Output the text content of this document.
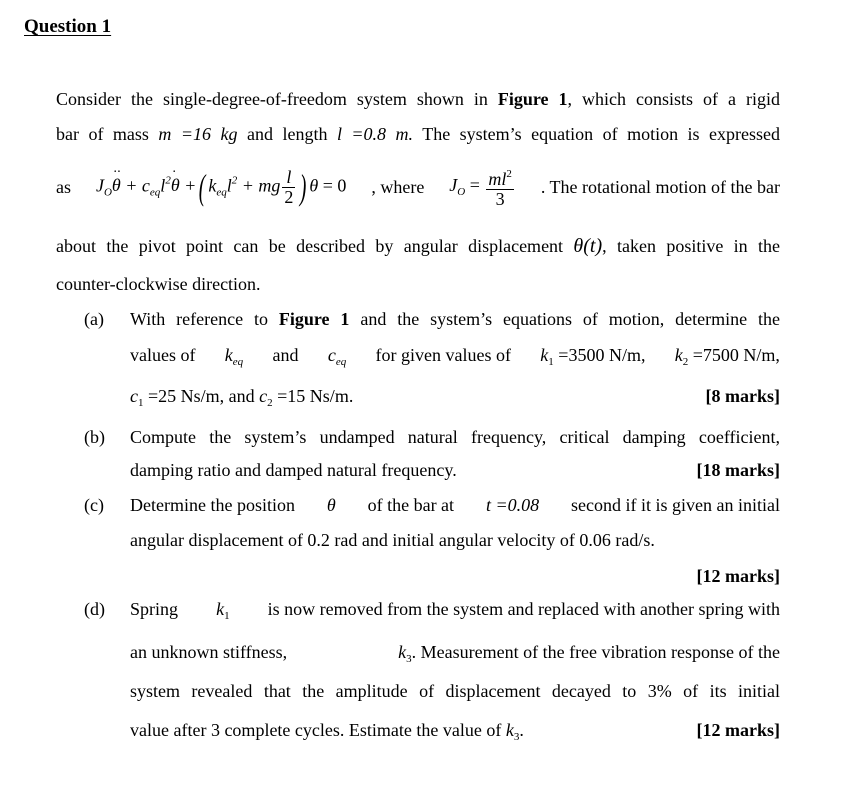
Question 1
Consider the single-degree-of-freedom system shown in Figure 1, which consists of a rigid
bar of mass m =16 kg and length l =0.8 m. The system’s equation of motion is expressed
as $J_O\cdot\cdot \theta + c_{eq}l^2\cdot \theta$ +( $k_{eq}l^2$ + mg $\frac{l}{2}$ ) θ = 0 , where $J_O = \frac{ml^2}{3}$ . The rotational motion of the bar
about the pivot point can be described by angular displacement θ(t), taken positive in the
counter-clockwise direction.
(a) With reference to Figure 1 and the system’s equations of motion, determine the
values of $k_{eq}$ and $c_{eq}$ for given values of $k_1 =3500$ N/m, $k_2 =7500$ N/m,
$c_1 =25$ Ns/m, and $c_2 =15$ Ns/m.	[8 marks]
(b) Compute the system’s undamped natural frequency, critical damping coefficient,
damping ratio and damped natural frequency.	[18 marks]
(c) Determine the position θ of the bar at t =0.08 second if it is given an initial
angular displacement of 0.2 rad and initial angular velocity of 0.06 rad/s.
[12 marks]
(d) Spring $k_1$ is now removed from the system and replaced with another spring with
an unknown stiffness,	$k_3$ . Measurement of the free vibration response of the
system revealed that the amplitude of displacement decayed to 3% of its initial
value after 3 complete cycles. Estimate the value of $k_3$.	[12 marks]
